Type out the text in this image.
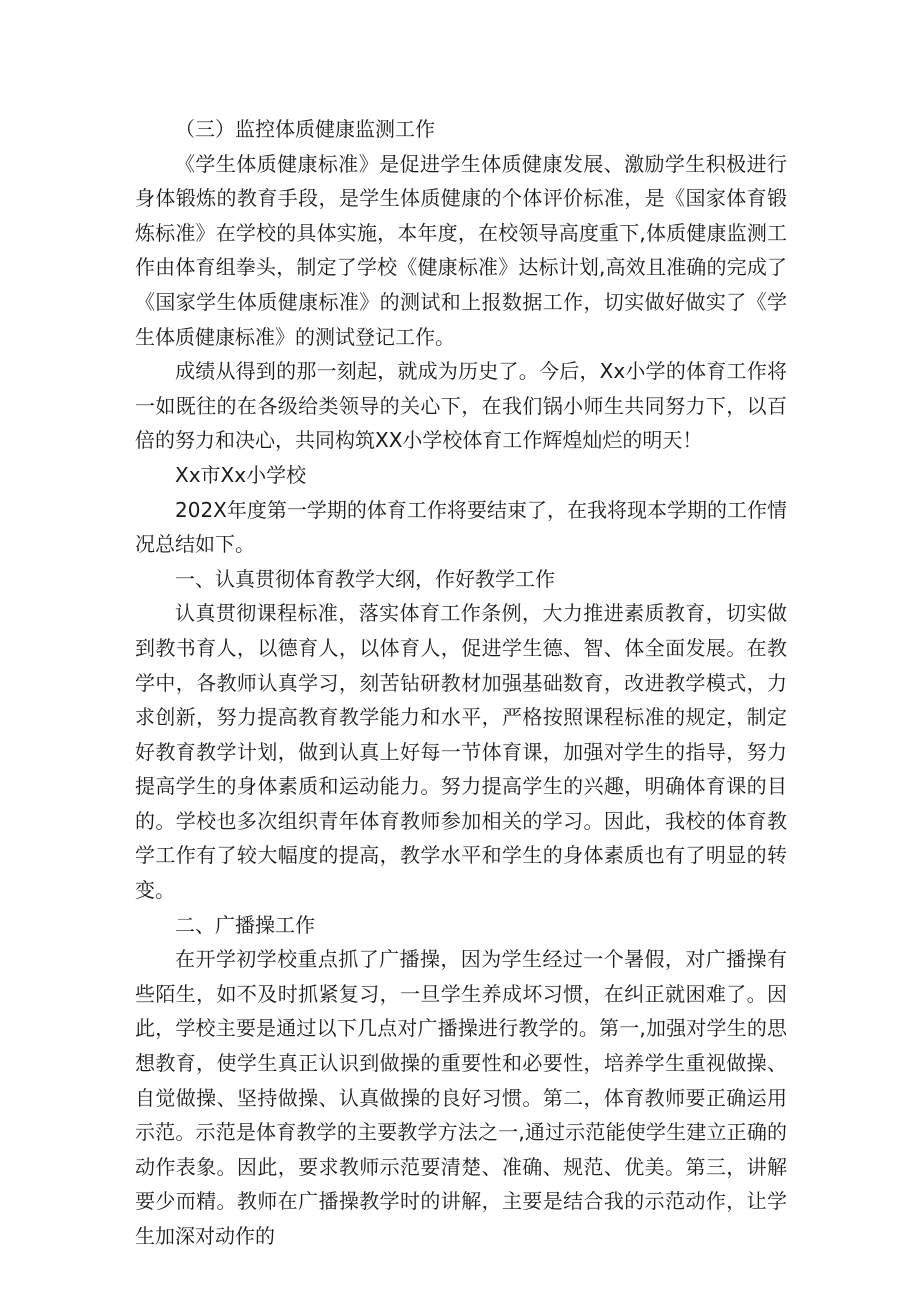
（三）监控体质健康监测工作

《学生体质健康标准》是促进学生体质健康发展、激励学生积极进行身体锻炼的教育手段，是学生体质健康的个体评价标准，是《国家体育锻炼标准》在学校的具体实施，本年度，在校领导高度重下,体质健康监测工作由体育组拳头，制定了学校《健康标准》达标计划,高效且准确的完成了《国家学生体质健康标准》的测试和上报数据工作，切实做好做实了《学生体质健康标准》的测试登记工作。

成绩从得到的那一刻起，就成为历史了。今后，Xx小学的体育工作将一如既往的在各级给类领导的关心下，在我们锅小师生共同努力下，以百倍的努力和决心，共同构筑XX小学校体育工作辉煌灿烂的明天！

Xx市Xx小学校

202X年度第一学期的体育工作将要结束了，在我将现本学期的工作情况总结如下。

一、认真贯彻体育教学大纲，作好教学工作

认真贯彻课程标准，落实体育工作条例，大力推进素质教育，切实做到教书育人，以德育人，以体育人，促进学生德、智、体全面发展。在教学中，各教师认真学习，刻苦钻研教材加强基础数育，改进教学模式，力求创新，努力提高教育教学能力和水平，严格按照课程标准的规定，制定好教育教学计划，做到认真上好每一节体育课，加强对学生的指导，努力提高学生的身体素质和运动能力。努力提高学生的兴趣，明确体育课的目的。学校也多次组织青年体育教师参加相关的学习。因此，我校的体育教学工作有了较大幅度的提高，教学水平和学生的身体素质也有了明显的转变。

二、广播操工作

在开学初学校重点抓了广播操，因为学生经过一个暑假，对广播操有些陌生，如不及时抓紧复习，一旦学生养成坏习惯，在纠正就困难了。因此，学校主要是通过以下几点对广播操进行教学的。第一,加强对学生的思想教育，使学生真正认识到做操的重要性和必要性，培养学生重视做操、自觉做操、坚持做操、认真做操的良好习惯。第二，体育教师要正确运用示范。示范是体育教学的主要教学方法之一,通过示范能使学生建立正确的动作表象。因此，要求教师示范要清楚、准确、规范、优美。第三，讲解要少而精。教师在广播操教学时的讲解，主要是结合我的示范动作，让学生加深对动作的
